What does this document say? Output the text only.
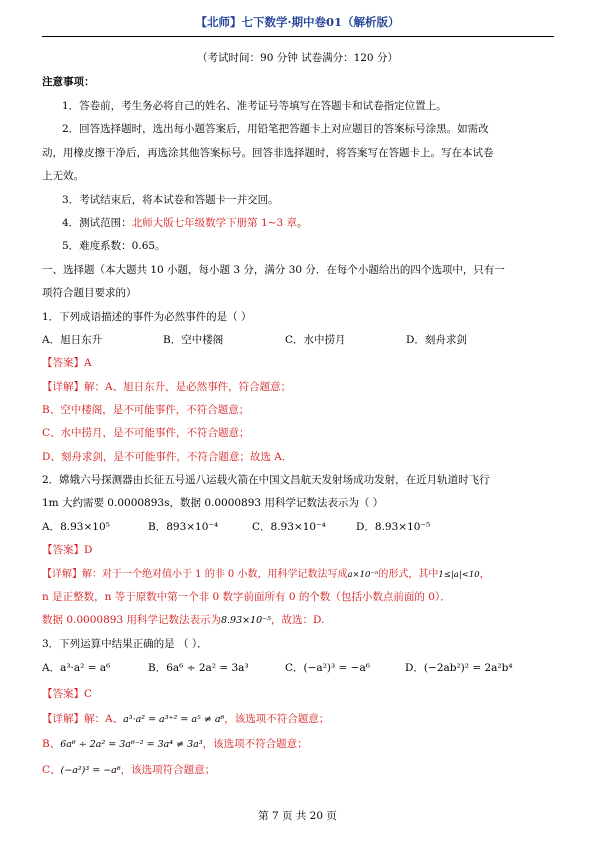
【北师】七下数学·期中卷01（解析版）
（考试时间：90 分钟 试卷满分：120 分）
注意事项：
1．答卷前，考生务必将自己的姓名、准考证号等填写在答题卡和试卷指定位置上。
2．回答选择题时，选出每小题答案后，用铅笔把答题卡上对应题目的答案标号涂黑。如需改
动，用橡皮擦干净后，再选涂其他答案标号。回答非选择题时，将答案写在答题卡上。写在本试卷
上无效。
3．考试结束后，将本试卷和答题卡一并交回。
4．测试范围：北师大版七年级数学下册第 1~3 章。
5．难度系数：0.65。
一、选择题（本大题共 10 小题，每小题 3 分，满分 30 分．在每个小题给出的四个选项中，只有一
项符合题目要求的）
1．下列成语描述的事件为必然事件的是（ ）
A．旭日东升	B．空中楼阁	C．水中捞月	D．刻舟求剑
【答案】A
【详解】解：A、旭日东升，是必然事件，符合题意；
B、空中楼阁，是不可能事件，不符合题意；
C、水中捞月，是不可能事件，不符合题意；
D、刻舟求剑，是不可能事件，不符合题意；故选 A．
2．嫦娥六号探测器由长征五号遥八运载火箭在中国文昌航天发射场成功发射，在近月轨道时飞行
1m 大约需要 0.0000893s，数据 0.0000893 用科学记数法表示为（ ）
A．8.93×10⁵	B．893×10⁻⁴	C．8.93×10⁻⁴	D．8.93×10⁻⁵
【答案】D
【详解】解：对于一个绝对值小于 1 的非 0 小数，用科学记数法写成a×10⁻ⁿ的形式，其中1≤|a|<10，
n 是正整数，n 等于原数中第一个非 0 数字前面所有 0 的个数（包括小数点前面的 0）．
数据 0.0000893 用科学记数法表示为8.93×10⁻⁵，故选：D.
3．下列运算中结果正确的是 （ ）．
A．a³·a² = a⁶	B．6a⁶ ÷ 2a² = 3a³	C．(−a²)³ = −a⁶	D．(−2ab²)² = 2a²b⁴
【答案】C
【详解】解：A、a³·a² = a³⁺² = a⁵ ≠ a⁶，该选项不符合题意；
B、6a⁶ ÷ 2a² = 3a⁶⁻² = 3a⁴ ≠ 3a³，该选项不符合题意；
C、(−a²)³ = −a⁶，该选项符合题意；
第 7 页 共 20 页
